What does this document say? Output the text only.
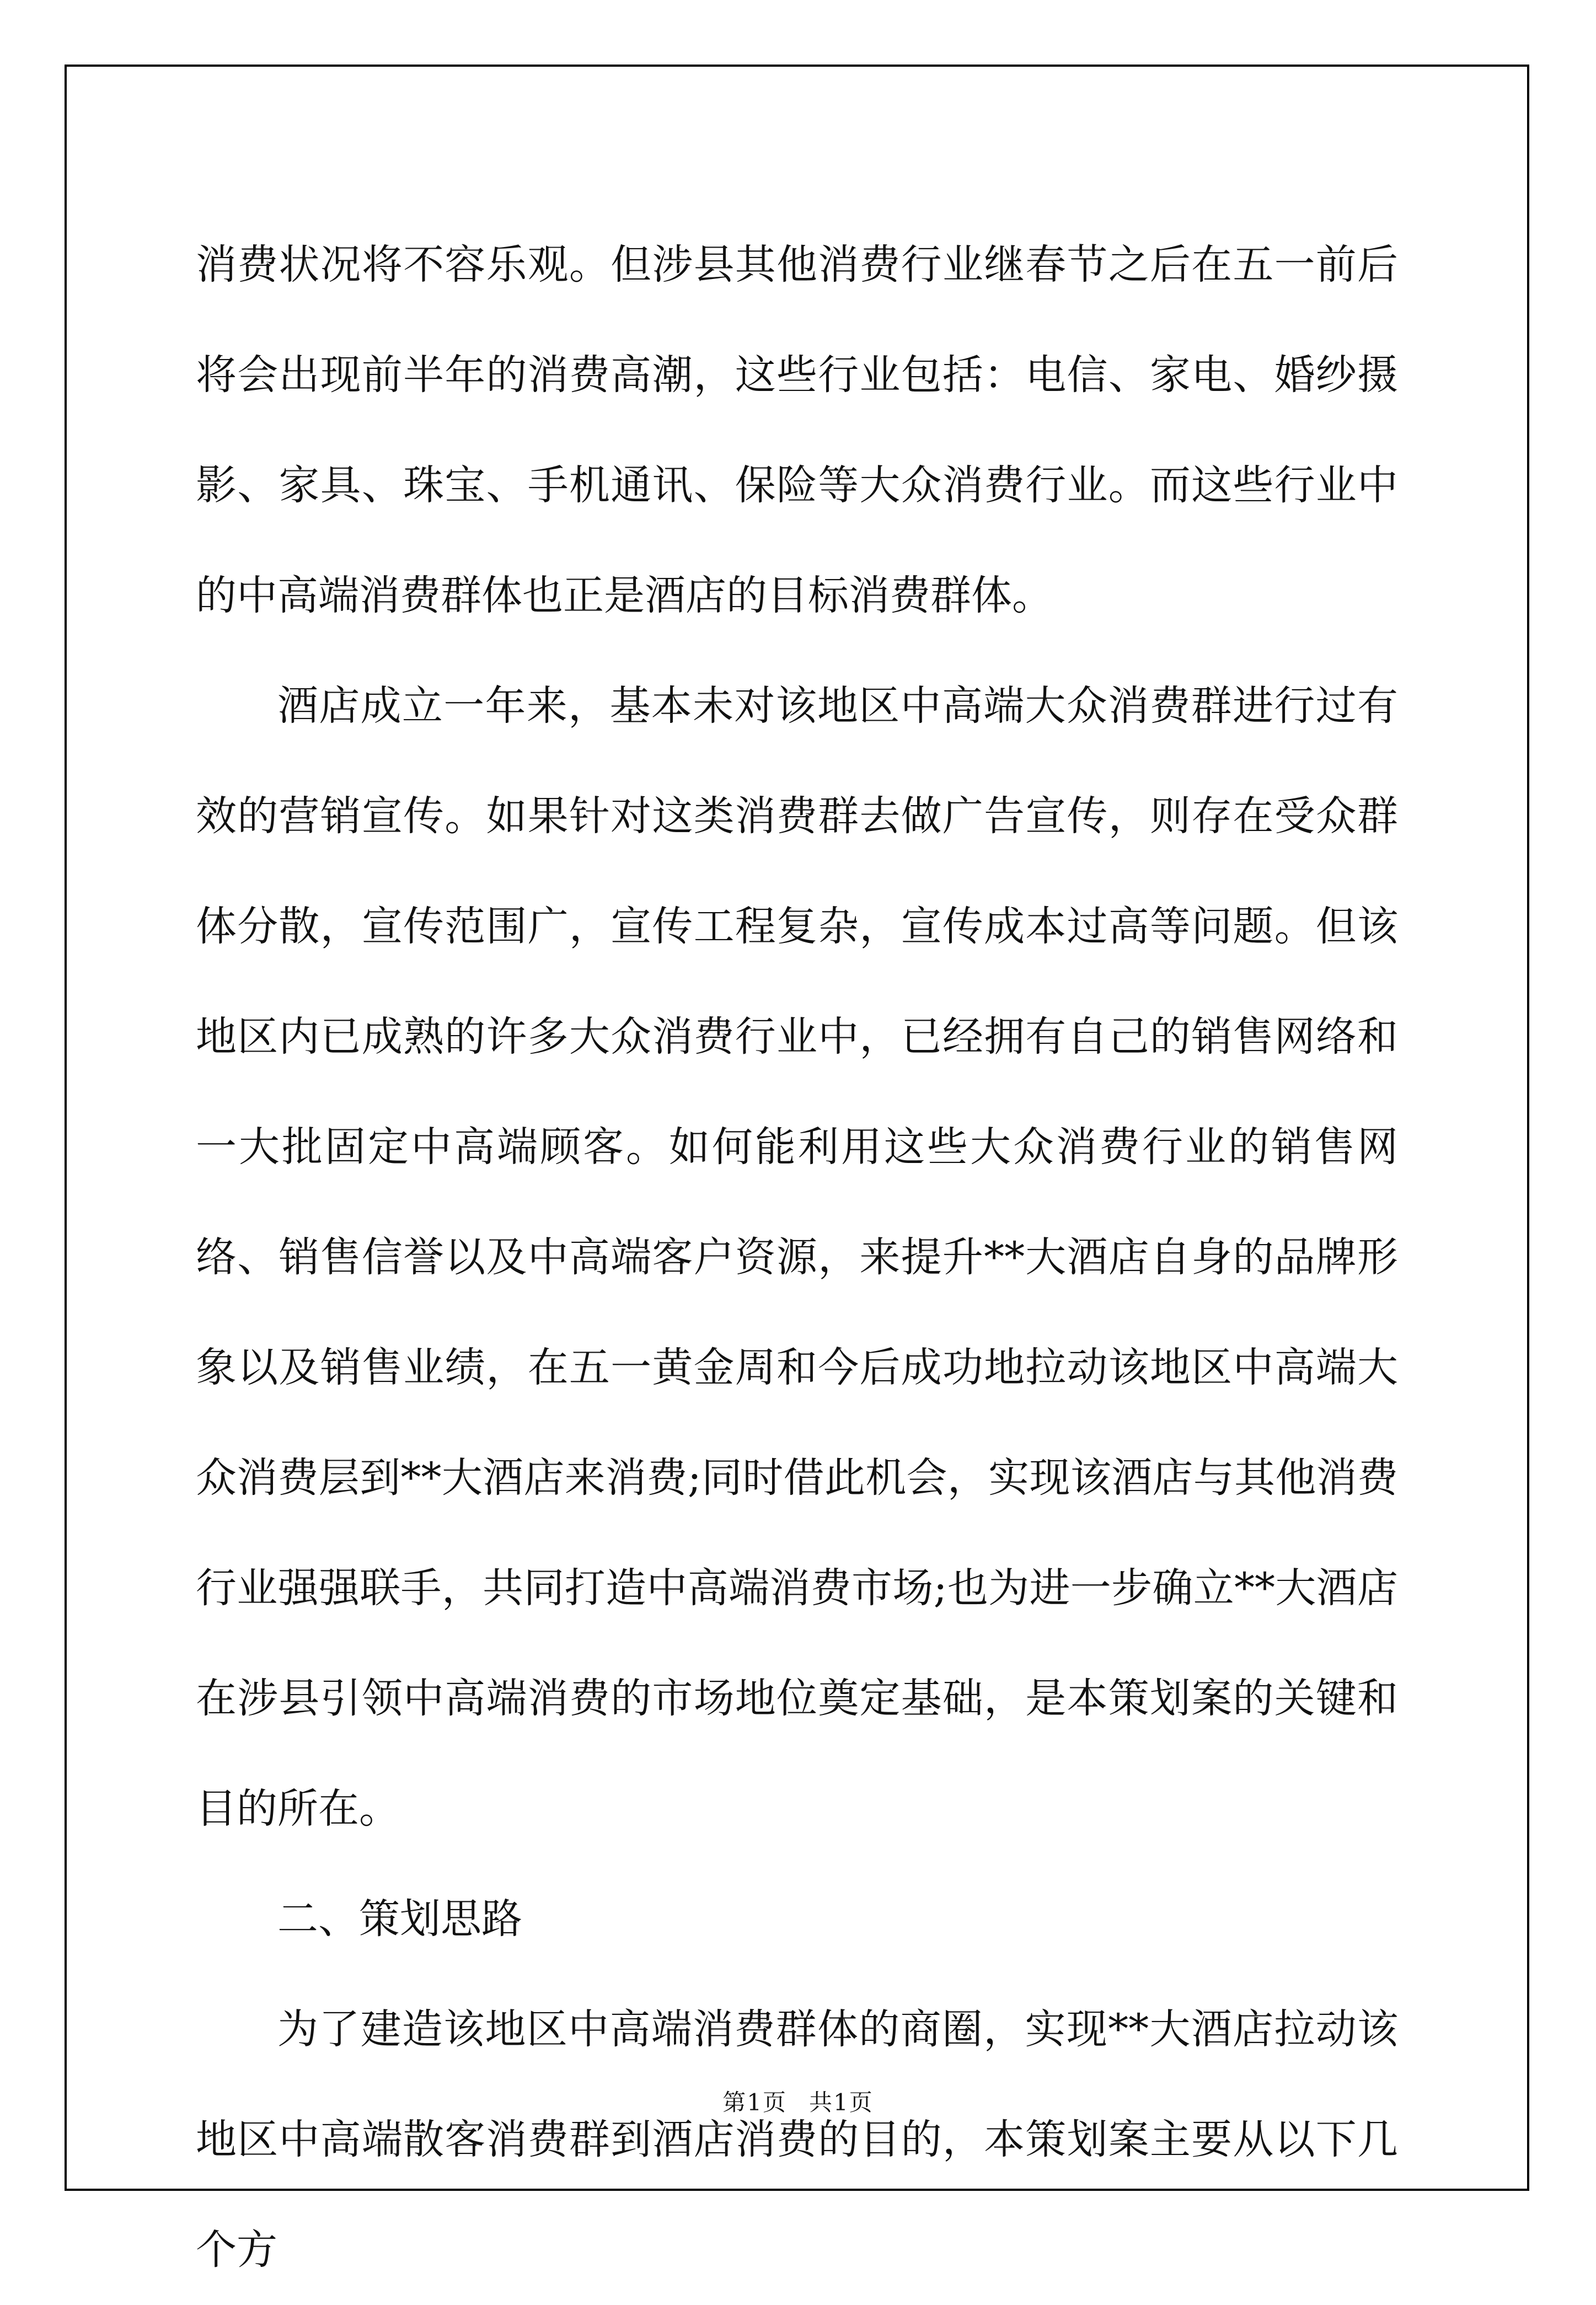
消费状况将不容乐观。但涉县其他消费行业继春节之后在五一前后将会出现前半年的消费高潮，这些行业包括：电信、家电、婚纱摄影、家具、珠宝、手机通讯、保险等大众消费行业。而这些行业中的中高端消费群体也正是酒店的目标消费群体。

酒店成立一年来，基本未对该地区中高端大众消费群进行过有效的营销宣传。如果针对这类消费群去做广告宣传，则存在受众群体分散，宣传范围广，宣传工程复杂，宣传成本过高等问题。但该地区内已成熟的许多大众消费行业中，已经拥有自己的销售网络和一大批固定中高端顾客。如何能利用这些大众消费行业的销售网络、销售信誉以及中高端客户资源，来提升**大酒店自身的品牌形象以及销售业绩，在五一黄金周和今后成功地拉动该地区中高端大众消费层到**大酒店来消费;同时借此机会，实现该酒店与其他消费行业强强联手，共同打造中高端消费市场;也为进一步确立**大酒店在涉县引领中高端消费的市场地位奠定基础，是本策划案的关键和目的所在。

二、策划思路

为了建造该地区中高端消费群体的商圈，实现**大酒店拉动该地区中高端散客消费群到酒店消费的目的，本策划案主要从以下几个方

第1页 共1页
